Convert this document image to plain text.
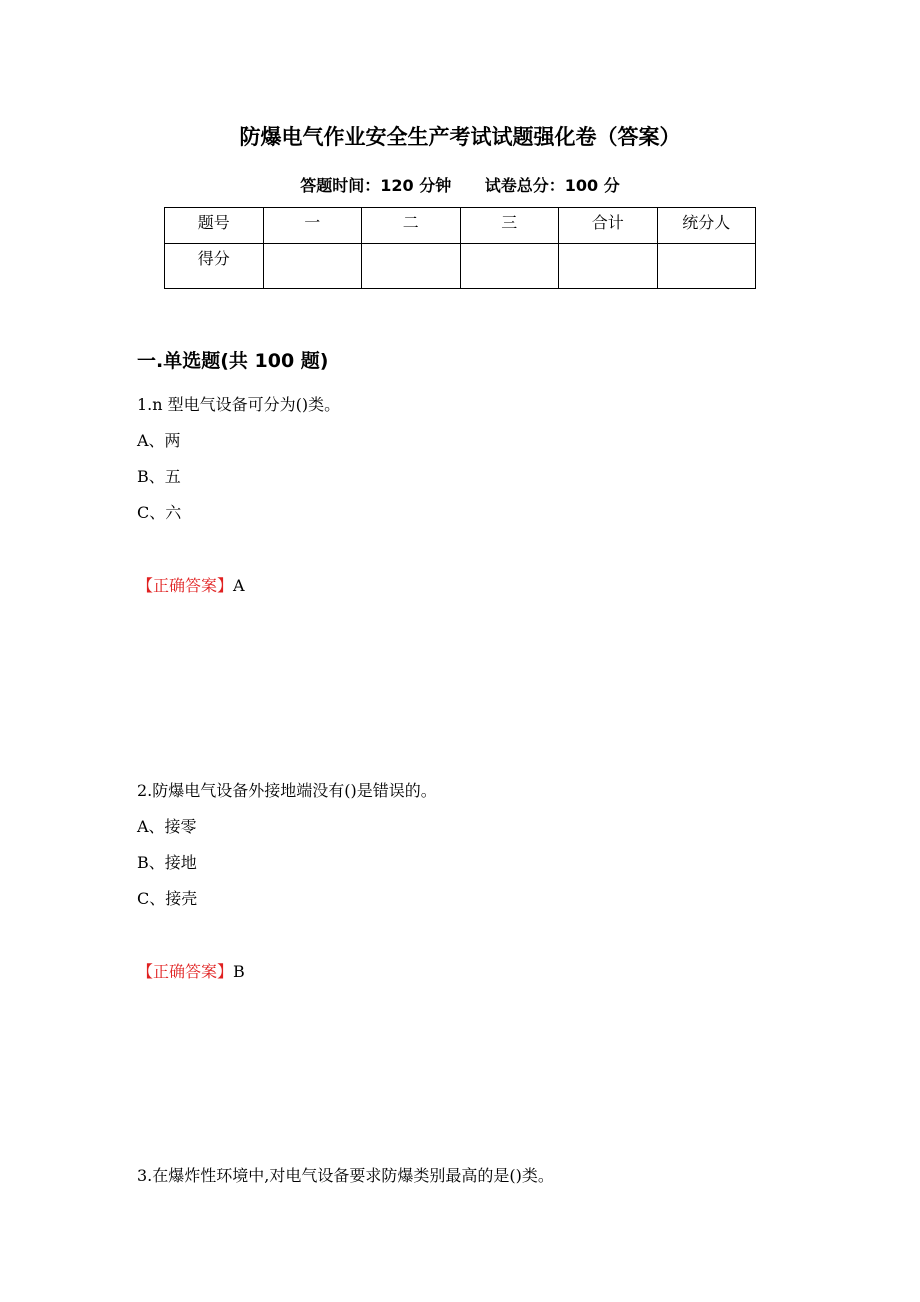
防爆电气作业安全生产考试试题强化卷（答案）
答题时间：120 分钟 试卷总分：100 分
题号	一	二	三	合计	统分人
得分					
一.单选题(共 100 题)
1.n 型电气设备可分为()类。
A、两
B、五
C、六
【正确答案】A
2.防爆电气设备外接地端没有()是错误的。
A、接零
B、接地
C、接壳
【正确答案】B
3.在爆炸性环境中,对电气设备要求防爆类别最高的是()类。
